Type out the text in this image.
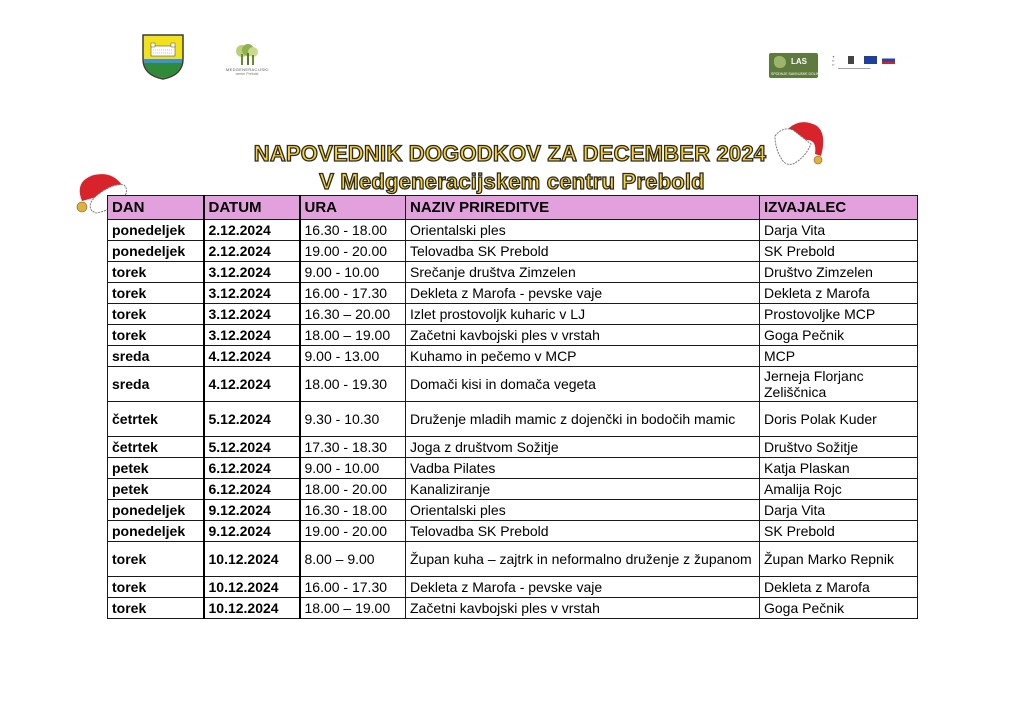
MEDGENERACIJSKI
center Prebold
LAS
SPODNJE SAVINJSKE DOLINE
✦
▪▪
▪▪
▬▬▬▬▬▬▬▬▬▬▬▬▬
NAPOVEDNIK DOGODKOV ZA DECEMBER 2024
V Medgeneracijskem centru Prebold
DAN	DATUM	URA	NAZIV PRIREDITVE	IZVAJALEC
ponedeljek	2.12.2024	16.30 - 18.00	Orientalski ples	Darja Vita
ponedeljek	2.12.2024	19.00 - 20.00	Telovadba SK Prebold	SK Prebold
torek	3.12.2024	9.00 - 10.00	Srečanje društva Zimzelen	Društvo Zimzelen
torek	3.12.2024	16.00 - 17.30	Dekleta z Marofa - pevske vaje	Dekleta z Marofa
torek	3.12.2024	16.30 – 20.00	Izlet prostovoljk kuharic v LJ	Prostovoljke MCP
torek	3.12.2024	18.00 – 19.00	Začetni kavbojski ples v vrstah	Goga Pečnik
sreda	4.12.2024	9.00 - 13.00	Kuhamo in pečemo v MCP	MCP
sreda	4.12.2024	18.00 - 19.30	Domači kisi in domača vegeta	Jerneja Florjanc Zeliščnica
četrtek	5.12.2024	9.30 - 10.30	Druženje mladih mamic z dojenčki in bodočih mamic	Doris Polak Kuder
četrtek	5.12.2024	17.30 - 18.30	Joga z društvom Sožitje	Društvo Sožitje
petek	6.12.2024	9.00 - 10.00	Vadba Pilates	Katja Plaskan
petek	6.12.2024	18.00 - 20.00	Kanaliziranje	Amalija Rojc
ponedeljek	9.12.2024	16.30 - 18.00	Orientalski ples	Darja Vita
ponedeljek	9.12.2024	19.00 - 20.00	Telovadba SK Prebold	SK Prebold
torek	10.12.2024	8.00 – 9.00	Župan kuha – zajtrk in neformalno druženje z županom	Župan Marko Repnik
torek	10.12.2024	16.00 - 17.30	Dekleta z Marofa - pevske vaje	Dekleta z Marofa
torek	10.12.2024	18.00 – 19.00	Začetni kavbojski ples v vrstah	Goga Pečnik
